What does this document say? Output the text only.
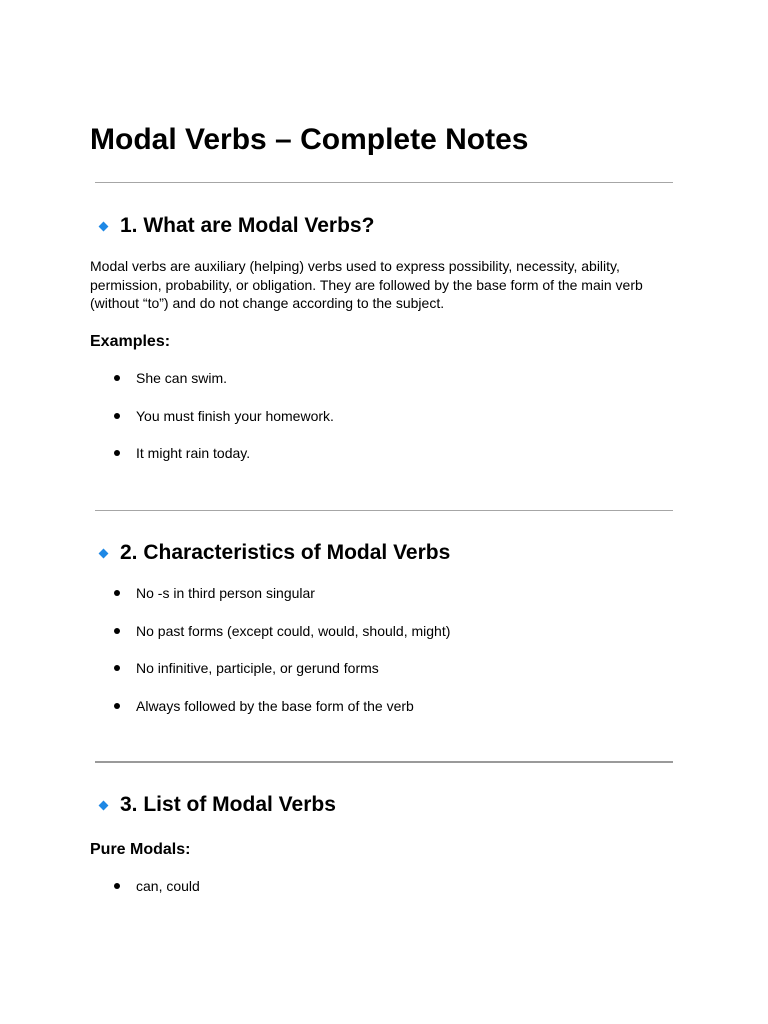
Modal Verbs – Complete Notes
1. What are Modal Verbs?

Modal verbs are auxiliary (helping) verbs used to express possibility, necessity, ability,
permission, probability, or obligation. They are followed by the base form of the main verb
(without “to”) and do not change according to the subject.

Examples:
She can swim.
You must finish your homework.
It might rain today.
2. Characteristics of Modal Verbs
No -s in third person singular
No past forms (except could, would, should, might)
No infinitive, participle, or gerund forms
Always followed by the base form of the verb
3. List of Modal Verbs
Pure Modals:
can, could
